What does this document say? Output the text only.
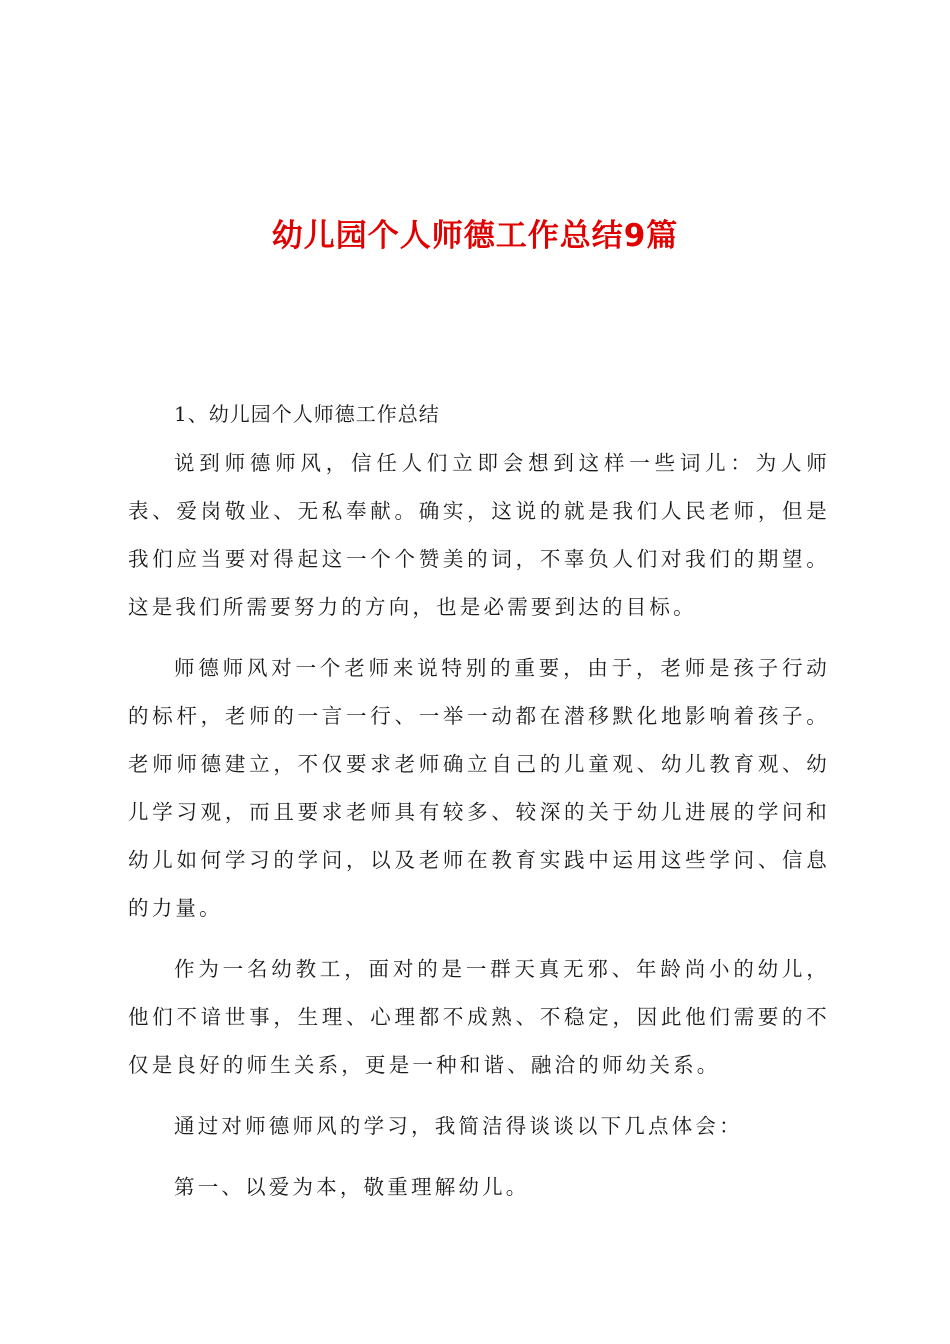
幼儿园个人师德工作总结9篇

1、幼儿园个人师德工作总结

说到师德师风，信任人们立即会想到这样一些词儿：为人师表、爱岗敬业、无私奉献。确实，这说的就是我们人民老师，但是我们应当要对得起这一个个赞美的词，不辜负人们对我们的期望。这是我们所需要努力的方向，也是必需要到达的目标。

师德师风对一个老师来说特别的重要，由于，老师是孩子行动的标杆，老师的一言一行、一举一动都在潜移默化地影响着孩子。老师师德建立，不仅要求老师确立自己的儿童观、幼儿教育观、幼儿学习观，而且要求老师具有较多、较深的关于幼儿进展的学问和幼儿如何学习的学问，以及老师在教育实践中运用这些学问、信息的力量。

作为一名幼教工，面对的是一群天真无邪、年龄尚小的幼儿，他们不谙世事，生理、心理都不成熟、不稳定，因此他们需要的不仅是良好的师生关系，更是一种和谐、融洽的师幼关系。

通过对师德师风的学习，我简洁得谈谈以下几点体会：

第一、以爱为本，敬重理解幼儿。
